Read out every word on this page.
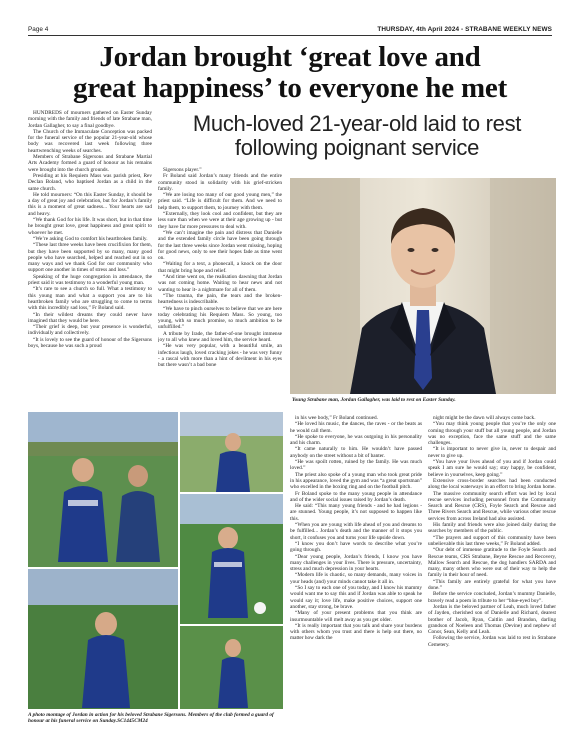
Page 4	THURSDAY, 4th April 2024 - STRABANE WEEKLY NEWS
Jordan brought ‘great love and
great happiness’ to everyone he met
Much-loved 21-year-old laid to rest
following poignant service

HUNDREDS of mourners gathered on Easter Sunday morning with the family and friends of late Strabane man, Jordan Gallagher, to say a final goodbye.

The Church of the Immaculate Conception was packed for the funeral service of the popular 21-year-old whose body was recovered last week following three heartwrenching weeks of searches.

Members of Strabane Sigersons and Strabane Martial Arts Academy formed a guard of honour as his remains were brought into the church grounds.

Presiding at his Requiem Mass was parish priest, Rev Declan Boland, who baptised Jordan as a child in the same church.

He told mourners: “On this Easter Sunday, it should be a day of great joy and celebration, but for Jordan’s family this is a moment of great sadness... Your hearts are sad and heavy.

“We thank God for his life. It was short, but in that time he brought great love, great happiness and great spirit to whoever he met.

“We’re asking God to comfort his heartbroken family.

“These last three weeks have been crucifixion for them, but they have been supported by so many, many good people who have searched, helped and reached out in so many ways and we thank God for our community who support one another in times of stress and loss.”

Speaking of the huge congregation in attendance, the priest said it was testimony to a wonderful young man.

“It’s rare to see a church so full. What a testimony to this young man and what a support you are to his heartbroken family who are struggling to come to terms with this incredibly sad loss,” Fr Boland said.

“In their wildest dreams they could never have imagined that they would be here.

“Their grief is deep, but your presence is wonderful, individually and collectively.

“It is lovely to see the guard of honour of the Sigersons boys, because he was such a proud

Sigersons player.”

Fr Boland said Jordan’s many friends and the entire community stood in solidarity with his grief-stricken family.

“We are losing too many of our good young men,” the priest said. “Life is difficult for them. And we need to help them, to support them, to journey with them.

“Externally, they look cool and confident, but they are less sure than when we were at their age growing up - but they have far more pressures to deal with.

“We can’t imagine the pain and distress that Danielle and the extended family circle have been going through for the last three weeks since Jordan went missing, hoping for good news, only to see their hopes fade as time went on.

“Waiting for a text, a phonecall, a knock on the door that might bring hope and relief.

“And time went on, the realisation dawning that Jordan was not coming home. Waiting to hear news and not wanting to hear it- a nightmare for all of them.

“The trauma, the pain, the tears and the broken-heartedness is indescribable.

“We have to pinch ourselves to believe that we are here today celebrating his Requiem Mass. So young, too young, with so much promise, so much ambition to be unfulfilled.”

A tribute by Irade, the father-of-one brought immense joy to all who knew and loved him, the service heard.

“He was very popular, with a beautiful smile, an infectious laugh, loved cracking jokes - he was very funny - a rascal with more than a hint of devilment in his eyes but there wasn’t a bad bone

in his wee body,” Fr Boland continued.

“He loved his music, the dances, the raves - or the beats as he would call them.

“He spoke to everyone, he was outgoing in his personality and his charm.

“It came naturally to him. He wouldn’t have passed anybody on the street without a bit of banter.

“He was spoilt rotten, ruined by the family. He was much loved.”

The priest also spoke of a young man who took great pride in his appearance, loved the gym and was “a great sportsman” who excelled in the boxing ring and on the football pitch.

Fr Boland spoke to the many young people in attendance and of the wider social issues raised by Jordan’s death.

He said: “This many young friends - and he had legions - are stunned. Young people, it’s not supposed to happen like this.

“When you are young with life ahead of you and dreams to be fulfilled... Jordan’s death and the manner of it stops you short, it confuses you and turns your life upside down.

“I know you don’t have words to describe what you’re going through.

“Dear young people, Jordan’s friends, I know you have many challenges in your lives. There is pressure, uncertainty, stress and much depression in your hearts.

“Modern life is chaotic, so many demands, many voices in your heads (and) your minds cannot take it all in.

“So I say to each one of you today, and I know his mammy would want me to say this and if Jordan was able to speak he would say it; love life, make positive choices, support one another, stay strong, be brave.

“Many of your present problems that you think are insurmountable will melt away as you get older.

“It is really important that you talk and share your burdens with others whom you trust and there is help out there, no matter how dark the

night might be the dawn will always come back.

“You may think young people that you’re the only one coming through your stuff but all young people, and Jordan was no exception, face the same stuff and the same challenges.

“It is important to never give in, never to despair and never to give up.

“You have your lives ahead of you and if Jordan could speak I am sure he would say; stay happy, be confident, believe in yourselves, keep going.”

Extensive cross-border searches had been conducted along the local waterways in an effort to bring Jordan home.

The massive community search effort was led by local rescue services including personnel from the Community Search and Rescue (CRS), Foyle Search and Rescue and Three Rivers Search and Rescue, while various other rescue services from across Ireland had also assisted.

His family and friends were also joined daily during the searches by members of the public.

“The prayers and support of this community have been unbelievable this last three weeks,” Fr Boland added.

“Our debt of immense gratitude to the Foyle Search and Rescue teams, CRS Strabane, Beyne Rescue and Recovery, Mallow Search and Rescue, the dog handlers SARDA and many, many others who were out of their way to help the family in their hour of need.

“This family are entirely grateful for what you have done.”

Before the service concluded, Jordan’s mummy Danielle, bravely read a poem in tribute to her “blue-eyed boy”.

Jordan is the beloved partner of Leah, much loved father of Jayden, cherished son of Danielle and Richard, dearest brother of Jacob, Ryan, Caitlin and Brandon, darling grandson of Noeleen and Thomas (Devine) and nephew of Conor, Sean, Kelly and Leah.

Following the service, Jordan was laid to rest in Strabane Cemetery.

Young Strabane man, Jordan Gallagher, was laid to rest on Easter Sunday.
A photo montage of Jordan in action for his beloved Strabane Sigersons. Members of the club formed a guard of honour at his funeral service on Sunday.SC1445CM24
